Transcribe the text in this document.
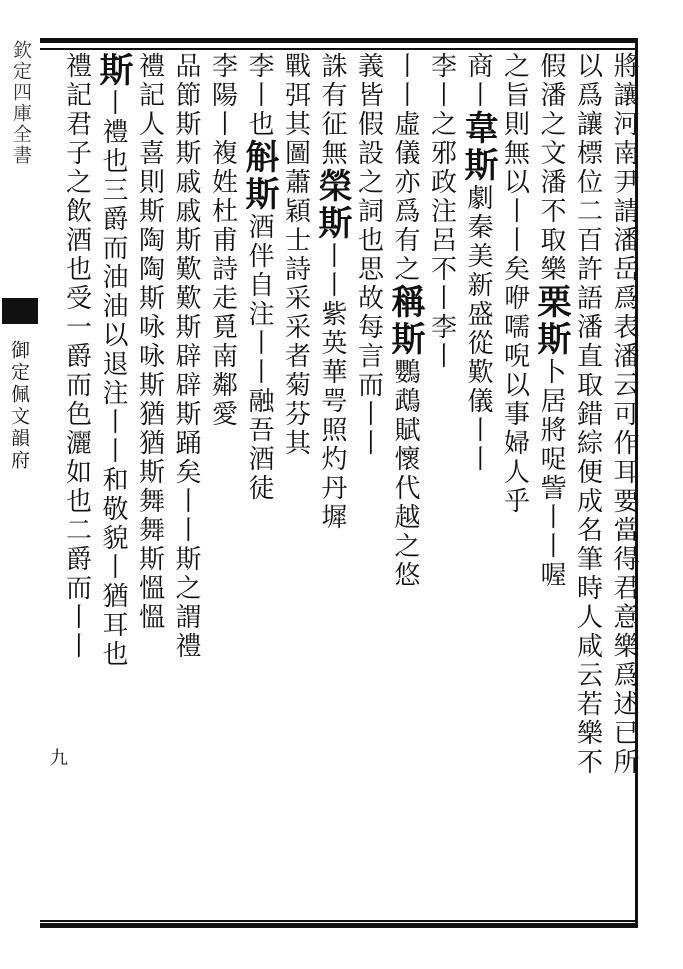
欽定四庫全書
御定佩文韻府
九	將讓河南尹請潘岳爲表潘云可作耳要當得君意樂爲述已所
以爲讓標位二百許語潘直取錯綜便成名筆時人咸云若樂不
假潘之文潘不取樂栗斯卜居將哫訾丨丨喔
之旨則無以丨丨矣咿嚅唲以事婦人乎
商丨韋斯劇秦美新盛從歎儀丨丨
李丨之邪政注呂不丨李丨
丨丨虛儀亦爲有之稱斯鸚鵡賦懷代越之悠
義皆假設之詞也思故每言而丨丨
誅有征無榮斯丨丨紫英華咢照灼丹墀
戰弭其圖蕭穎士詩采采者菊芬其
李丨也斛斯酒伴自注丨丨融吾酒徒
李陽丨複姓杜甫詩走覓南鄰愛
品節斯斯戚戚斯歎歎斯辟辟斯踊矣丨丨斯之謂禮
禮記人喜則斯陶陶斯咏咏斯猶猶斯舞舞斯慍慍
斯丨禮也三爵而油油以退注丨丨和敬貌丨猶耳也
禮記君子之飲酒也受一爵而色灑如也二爵而丨丨
